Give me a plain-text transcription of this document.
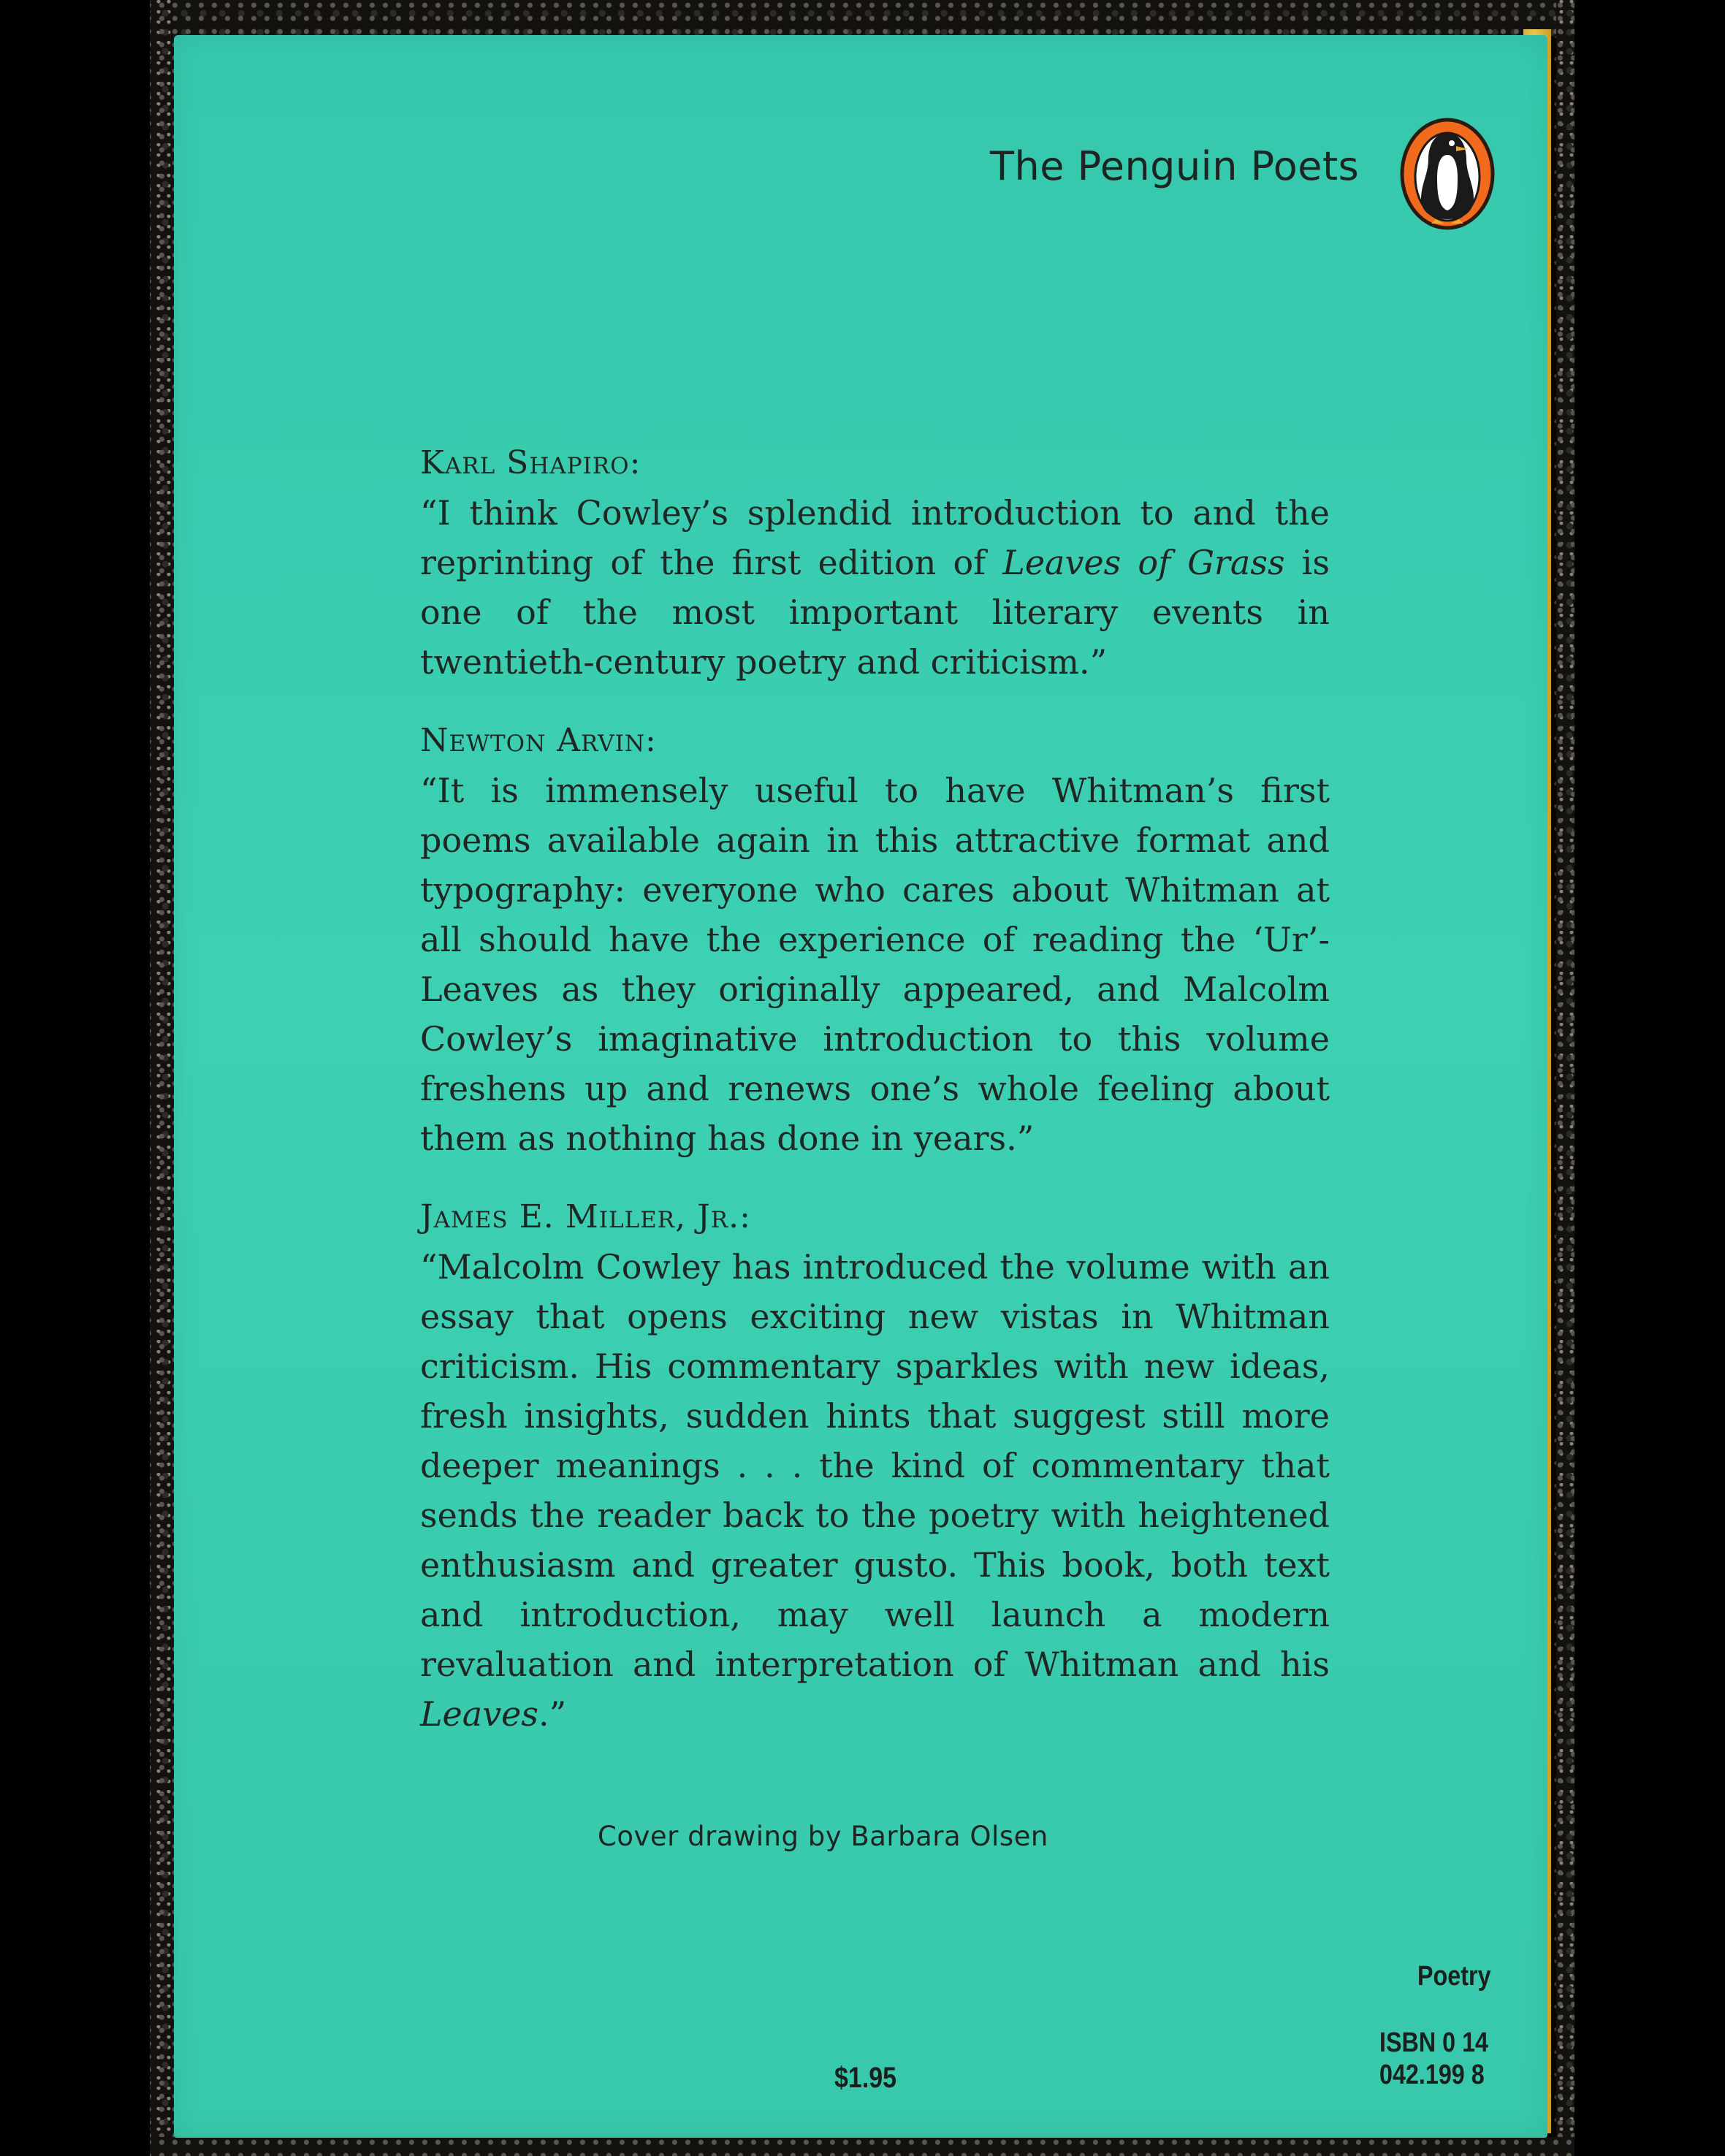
The Penguin Poets
Karl Shapiro:
“I think Cowley’s splendid introduction to and the reprinting of the first edition of Leaves of Grass is one of the most important literary events in twentieth-century poetry and criticism.”
Newton Arvin:
“It is immensely useful to have Whitman’s first poems available again in this attractive format and typography: everyone who cares about Whitman at all should have the experience of reading the ‘Ur’-Leaves as they originally appeared, and Malcolm Cowley’s imaginative introduction to this volume freshens up and renews one’s whole feeling about them as nothing has done in years.”
James E. Miller, Jr.:
“Malcolm Cowley has introduced the volume with an essay that opens exciting new vistas in Whitman criticism. His commentary sparkles with new ideas, fresh insights, sudden hints that suggest still more deeper meanings . . . the kind of commentary that sends the reader back to the poetry with heightened enthusiasm and greater gusto. This book, both text and introduction, may well launch a modern revaluation and interpretation of Whitman and his Leaves.”
Cover drawing by Barbara Olsen
Poetry
ISBN 0 14
042.199 8
$1.95
